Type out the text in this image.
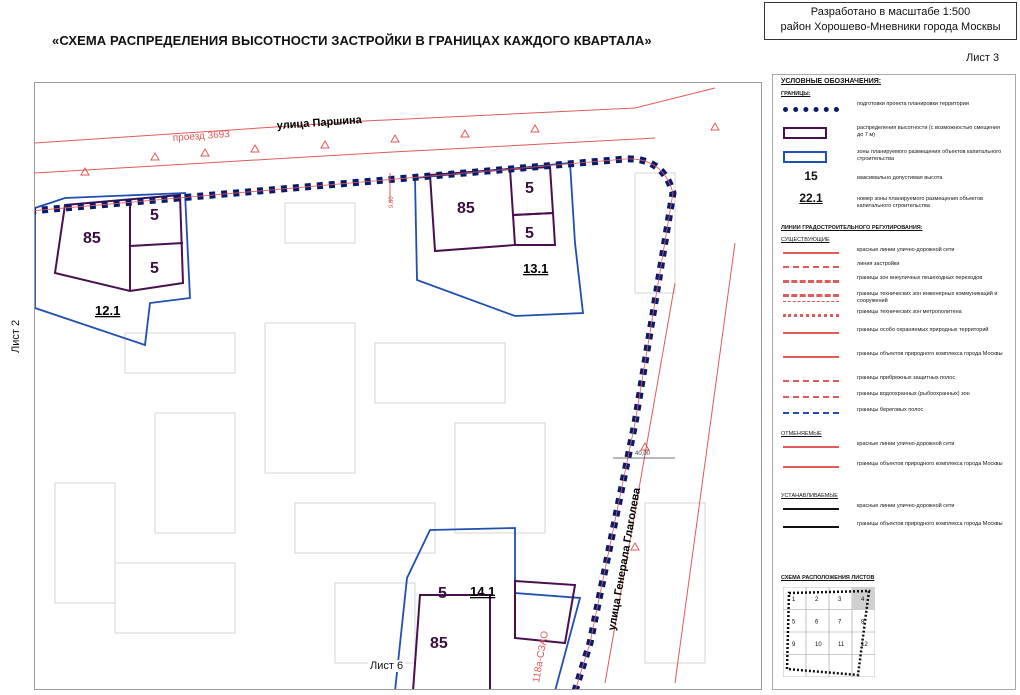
«СХЕМА РАСПРЕДЕЛЕНИЯ ВЫСОТНОСТИ ЗАСТРОЙКИ В ГРАНИЦАХ КАЖДОГО КВАРТАЛА»
Разработано в масштабе 1:500
район Хорошево-Мневники города Москвы
Лист 3
улица Паршина
проезд 3693
улица Генерала Глаголева
118а-СЗАО
40,00
9,80
85
5
5
12.1
85
5
5
13.1
5 14.1
85
Лист 2
Лист 6
УСЛОВНЫЕ ОБОЗНАЧЕНИЯ:
ГРАНИЦЫ:
подготовки проекта планировки территории
распределения высотности (с возможностью смещения до 7 м)
зоны планируемого размещения объектов капитального строительства
15	максимально допустимая высота
22.1	номер зоны планируемого размещения объектов капитального строительства
ЛИНИИ ГРАДОСТРОИТЕЛЬНОГО РЕГУЛИРОВАНИЯ:
СУЩЕСТВУЮЩИЕ
красные линии улично-дорожной сети
линия застройки
границы зон внеуличных пешеходных переходов
границы технических зон инженерных коммуникаций и сооружений
границы технических зон метрополитена
границы особо охраняемых природных территорий
границы объектов природного комплекса города Москвы
границы прибрежных защитных полос
границы водоохранных (рыбоохранных) зон
границы береговых полос
ОТМЕНЯЕМЫЕ
красные линии улично-дорожной сети
границы объектов природного комплекса города Москвы
УСТАНАВЛИВАЕМЫЕ
красные линии улично-дорожной сети
границы объектов природного комплекса города Москвы
СХЕМА РАСПОЛОЖЕНИЯ ЛИСТОВ
1	2	3	4
5	6	7	8
9	10	11	12
